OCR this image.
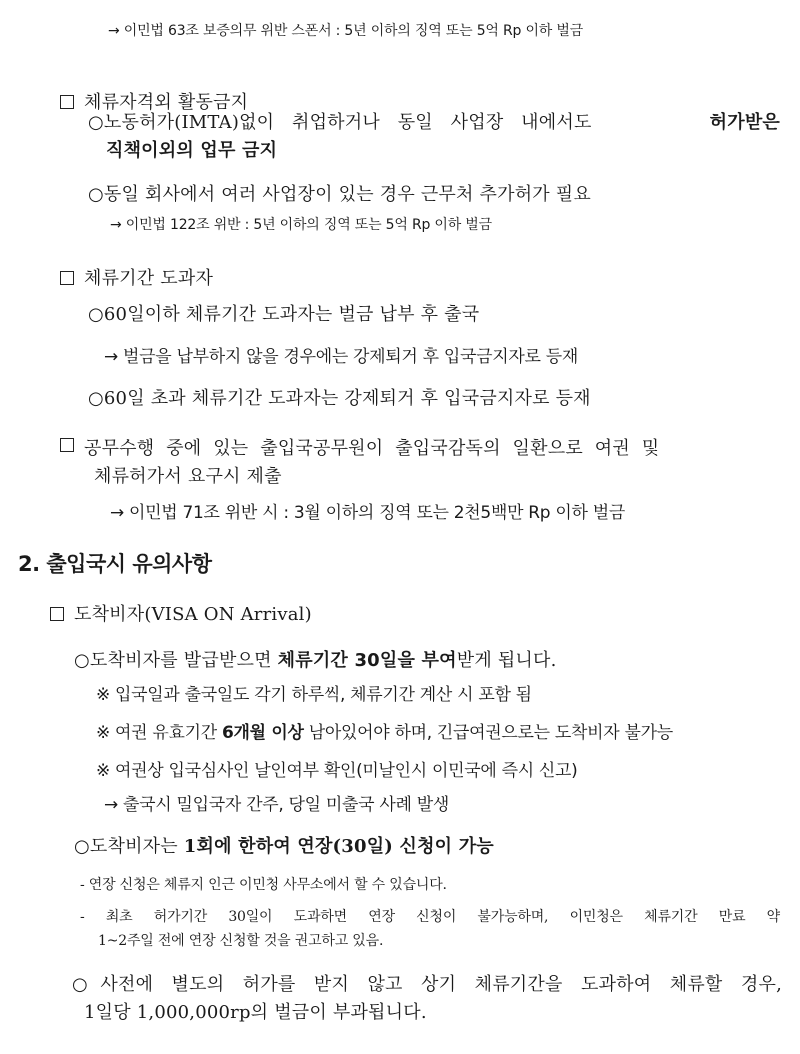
→ 이민법 63조 보증의무 위반 스폰서 : 5년 이하의 징역 또는 5억 Rp 이하 벌금
체류자격외 활동금지
○노동허가(IMTA)없이   취업하거나   동일   사업장   내에서도	허가받은
직책이외의 업무 금지
○동일 회사에서 여러 사업장이 있는 경우 근무처 추가허가 필요
→ 이민법 122조 위반 : 5년 이하의 징역 또는 5억 Rp 이하 벌금
체류기간 도과자
○60일이하 체류기간 도과자는 벌금 납부 후 출국
→ 벌금을 납부하지 않을 경우에는 강제퇴거 후 입국금지자로 등재
○60일 초과 체류기간 도과자는 강제퇴거 후 입국금지자로 등재
공무수행  중에  있는  출입국공무원이  출입국감독의  일환으로  여권  및
체류허가서 요구시 제출
→ 이민법 71조 위반 시 : 3월 이하의 징역 또는 2천5백만 Rp 이하 벌금
2. 출입국시 유의사항
도착비자(VISA ON Arrival)
○도착비자를 발급받으면 체류기간 30일을 부여받게 됩니다.
※ 입국일과 출국일도 각기 하루씩, 체류기간 계산 시 포함 됨
※ 여권 유효기간 6개월 이상 남아있어야 하며, 긴급여권으로는 도착비자 불가능
※ 여권상 입국심사인 날인여부 확인(미날인시 이민국에 즉시 신고)
→ 출국시 밀입국자 간주, 당일 미출국 사례 발생
○도착비자는 1회에 한하여 연장(30일) 신청이 가능
- 연장 신청은 체류지 인근 이민청 사무소에서 할 수 있습니다.
- 최초 허가기간 30일이 도과하면 연장 신청이 불가능하며, 이민청은 체류기간 만료 약
1~2주일 전에 연장 신청할 것을 권고하고 있음.
○사전에 별도의 허가를 받지 않고 상기 체류기간을 도과하여 체류할 경우,
1일당 1,000,000rp의 벌금이 부과됩니다.
